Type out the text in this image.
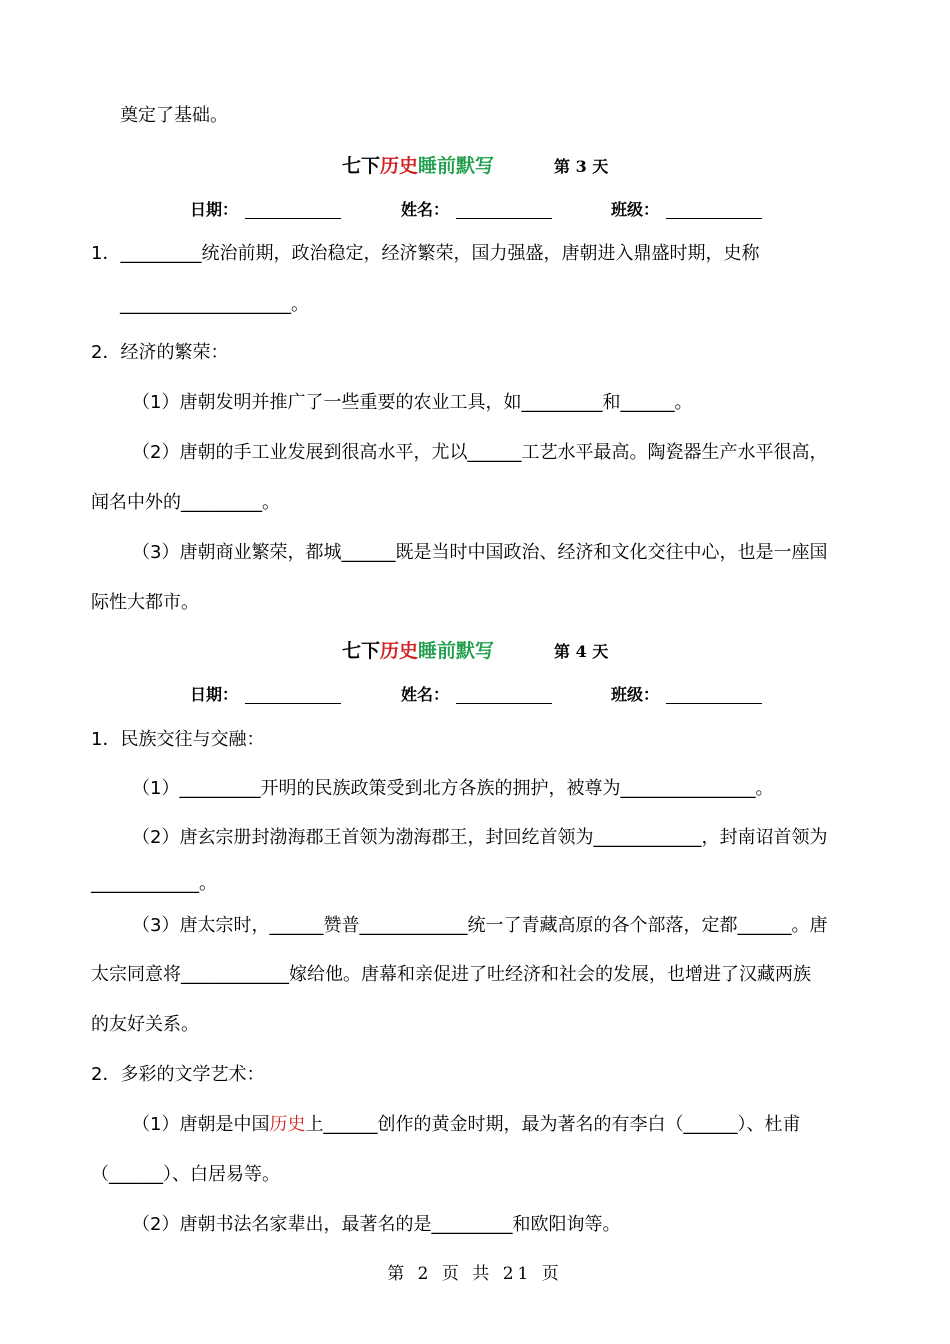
奠定了基础。
七下历史睡前默写	第 3 天
日期：	姓名：	班级：
1．_________统治前期，政治稳定，经济繁荣，国力强盛，唐朝进入鼎盛时期，史称
___________________。
2．经济的繁荣：
（1）唐朝发明并推广了一些重要的农业工具，如_________和______。
（2）唐朝的手工业发展到很高水平，尤以______工艺水平最高。陶瓷器生产水平很高，
闻名中外的_________。
（3）唐朝商业繁荣，都城______既是当时中国政治、经济和文化交往中心，也是一座国
际性大都市。
七下历史睡前默写	第 4 天
日期：	姓名：	班级：
1．民族交往与交融：
（1）_________开明的民族政策受到北方各族的拥护，被尊为_______________。
（2）唐玄宗册封渤海郡王首领为渤海郡王，封回纥首领为____________，封南诏首领为
____________。
（3）唐太宗时，______赞普____________统一了青藏高原的各个部落，定都______。唐
太宗同意将____________嫁给他。唐幕和亲促进了吐经济和社会的发展，也增进了汉藏两族
的友好关系。
2．多彩的文学艺术：
（1）唐朝是中国历史上______创作的黄金时期，最为著名的有李白（______）、杜甫
（______）、白居易等。
（2）唐朝书法名家辈出，最著名的是_________和欧阳询等。
第 2 页 共 21 页
